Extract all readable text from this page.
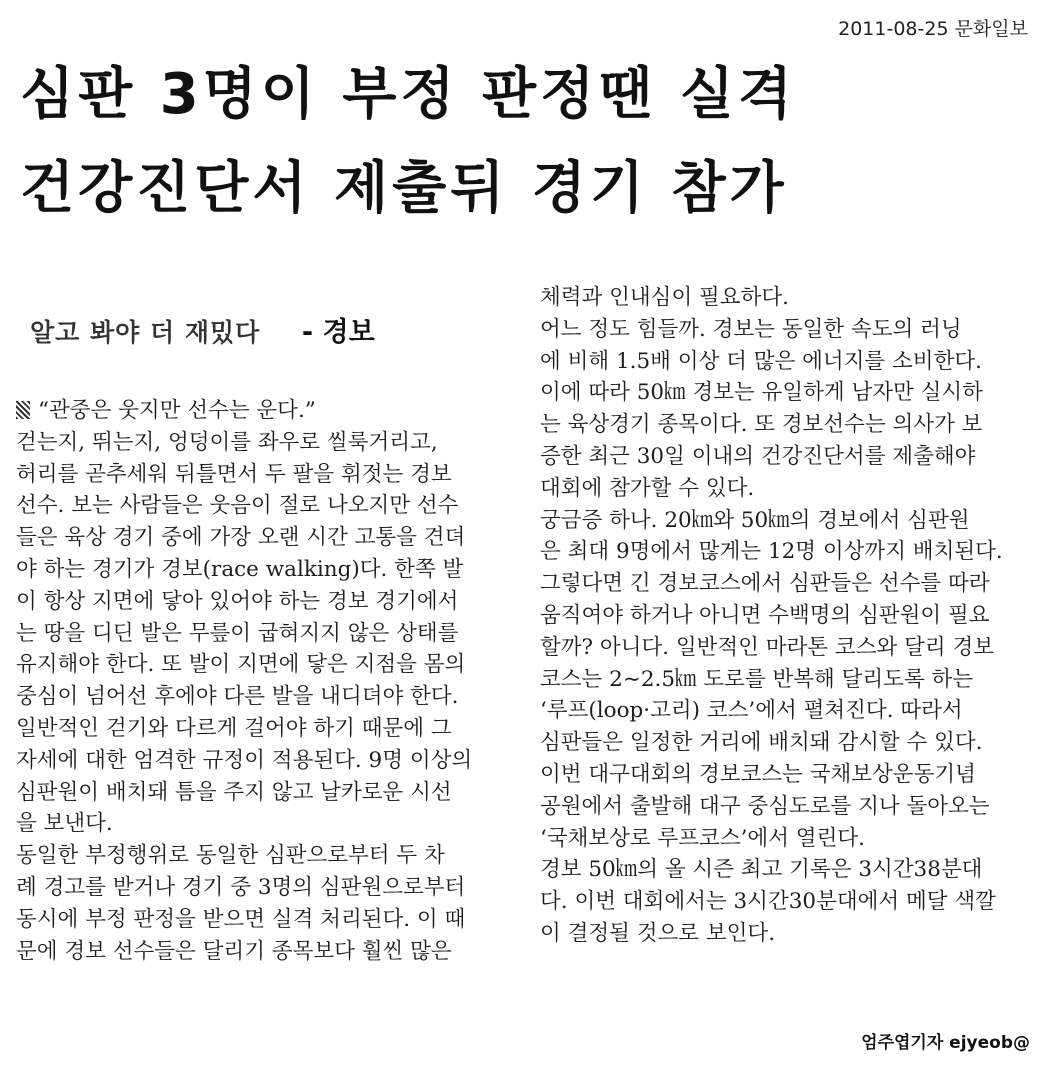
2011-08-25 문화일보
심판 3명이 부정 판정땐 실격
건강진단서 제출뒤 경기 참가
알고 봐야 더 재밌다 - 경보
“관중은 웃지만 선수는 운다.”
걷는지, 뛰는지, 엉덩이를 좌우로 씰룩거리고,
허리를 곧추세워 뒤틀면서 두 팔을 휘젓는 경보
선수. 보는 사람들은 웃음이 절로 나오지만 선수
들은 육상 경기 중에 가장 오랜 시간 고통을 견뎌
야 하는 경기가 경보(race walking)다. 한쪽 발
이 항상 지면에 닿아 있어야 하는 경보 경기에서
는 땅을 디딘 발은 무릎이 굽혀지지 않은 상태를
유지해야 한다. 또 발이 지면에 닿은 지점을 몸의
중심이 넘어선 후에야 다른 발을 내디뎌야 한다.
일반적인 걷기와 다르게 걸어야 하기 때문에 그
자세에 대한 엄격한 규정이 적용된다. 9명 이상의
심판원이 배치돼 틈을 주지 않고 날카로운 시선
을 보낸다.
동일한 부정행위로 동일한 심판으로부터 두 차
례 경고를 받거나 경기 중 3명의 심판원으로부터
동시에 부정 판정을 받으면 실격 처리된다. 이 때
문에 경보 선수들은 달리기 종목보다 훨씬 많은
체력과 인내심이 필요하다.
어느 정도 힘들까. 경보는 동일한 속도의 러닝
에 비해 1.5배 이상 더 많은 에너지를 소비한다.
이에 따라 50㎞ 경보는 유일하게 남자만 실시하
는 육상경기 종목이다. 또 경보선수는 의사가 보
증한 최근 30일 이내의 건강진단서를 제출해야
대회에 참가할 수 있다.
궁금증 하나. 20㎞와 50㎞의 경보에서 심판원
은 최대 9명에서 많게는 12명 이상까지 배치된다.
그렇다면 긴 경보코스에서 심판들은 선수를 따라
움직여야 하거나 아니면 수백명의 심판원이 필요
할까? 아니다. 일반적인 마라톤 코스와 달리 경보
코스는 2∼2.5㎞ 도로를 반복해 달리도록 하는
‘루프(loop·고리) 코스’에서 펼쳐진다. 따라서
심판들은 일정한 거리에 배치돼 감시할 수 있다.
이번 대구대회의 경보코스는 국채보상운동기념
공원에서 출발해 대구 중심도로를 지나 돌아오는
‘국채보상로 루프코스’에서 열린다.
경보 50㎞의 올 시즌 최고 기록은 3시간38분대
다. 이번 대회에서는 3시간30분대에서 메달 색깔
이 결정될 것으로 보인다.
엄주엽기자 ejyeob@
